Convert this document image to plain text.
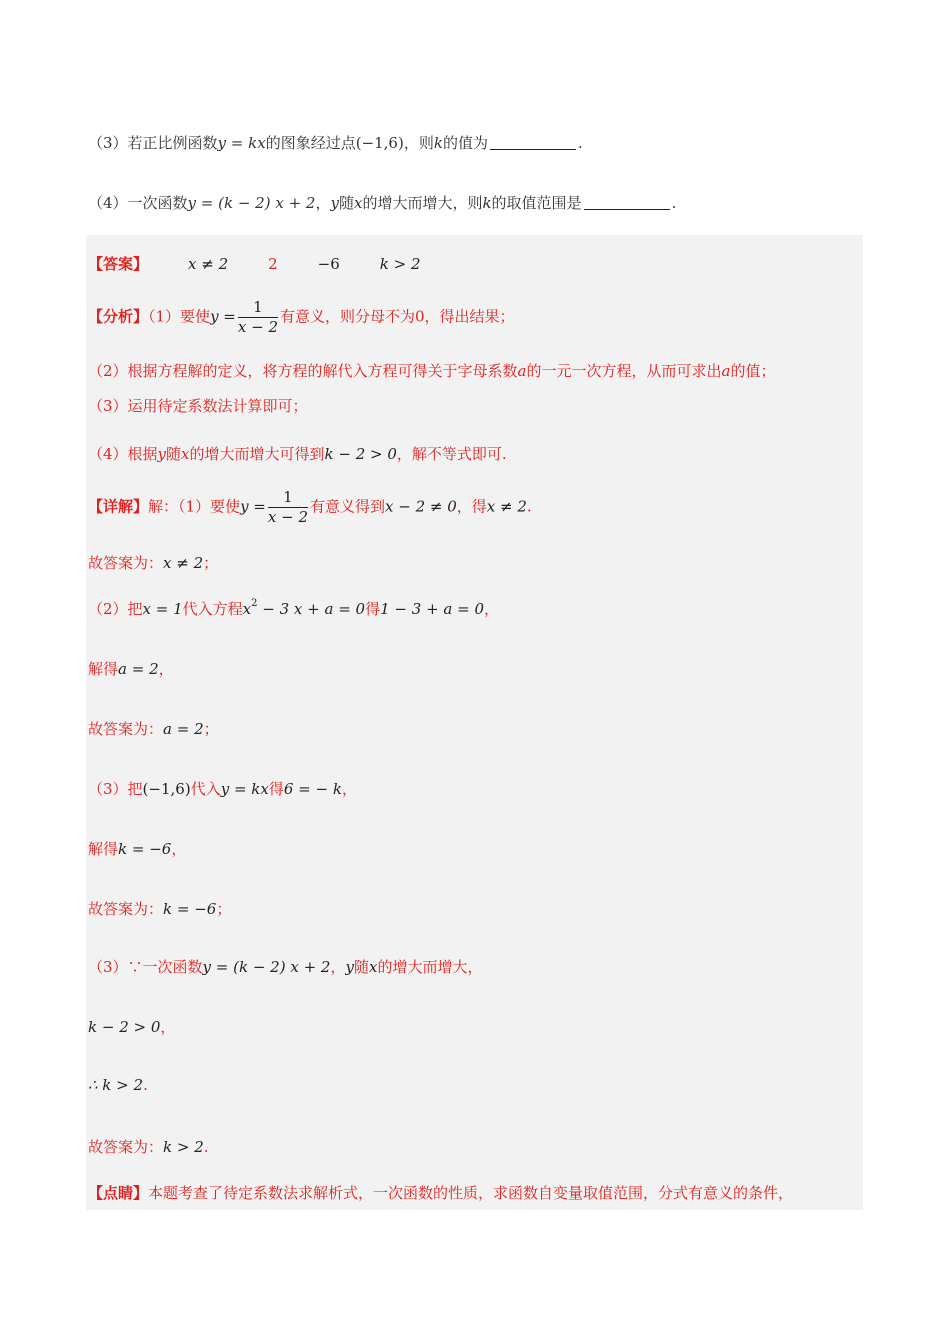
（3）若正比例函数y = kx的图象经过点(−1,6)，则k的值为	.
（4）一次函数y = (k − 2) x + 2，y随x的增大而增大，则k的取值范围是	.
【答案】	x ≠ 2	2	−6	k > 2
【分析】（1）要使$y = \frac{1}{x - 2}$ 有意义，则分母不为0，得出结果；
（2）根据方程解的定义，将方程的解代入方程可得关于字母系数a的一元一次方程，从而可求出a的值；
（3）运用待定系数法计算即可；
（4）根据y随x的增大而增大可得到k − 2 > 0，解不等式即可.
【详解】解：（1）要使$y = \frac{1}{x - 2}$ 有意义得到x − 2 ≠ 0，得x ≠ 2.
故答案为：x ≠ 2；
（2）把x = 1代入方程$x^2 - 3$ x + a = 0得1 − 3 + a = 0，
解得a = 2，
故答案为：a = 2；
（3）把(−1,6)代入y = kx得6 = − k，
解得k = −6，
故答案为：k = −6；
（3）∵一次函数y = (k − 2) x + 2，y随x的增大而增大，
k − 2 > 0，
∴ k > 2.
故答案为：k > 2.
【点睛】本题考查了待定系数法求解析式，一次函数的性质，求函数自变量取值范围，分式有意义的条件，
